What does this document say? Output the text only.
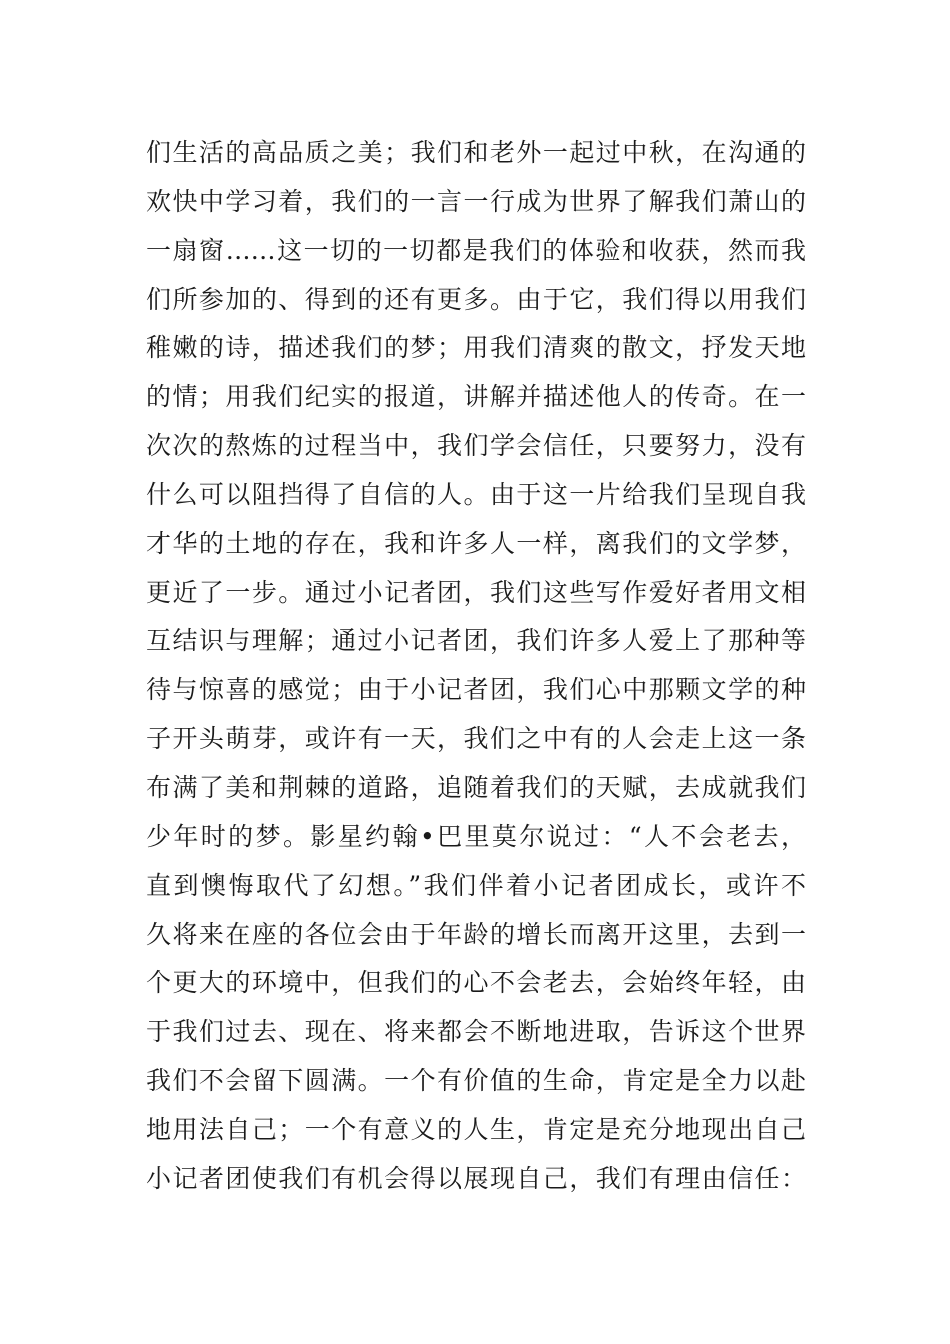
们生活的高品质之美；我们和老外一起过中秋，在沟通的
欢快中学习着，我们的一言一行成为世界了解我们萧山的
一扇窗……这一切的一切都是我们的体验和收获，然而我
们所参加的、得到的还有更多。由于它，我们得以用我们
稚嫩的诗，描述我们的梦；用我们清爽的散文，抒发天地
的情；用我们纪实的报道，讲解并描述他人的传奇。在一
次次的熬炼的过程当中，我们学会信任，只要努力，没有
什么可以阻挡得了自信的人。由于这一片给我们呈现自我
才华的土地的存在，我和许多人一样，离我们的文学梦，
更近了一步。通过小记者团，我们这些写作爱好者用文相
互结识与理解；通过小记者团，我们许多人爱上了那种等
待与惊喜的感觉；由于小记者团，我们心中那颗文学的种
子开头萌芽，或许有一天，我们之中有的人会走上这一条
布满了美和荆棘的道路，追随着我们的天赋，去成就我们
少年时的梦。影星约翰•巴里莫尔说过：“人不会老去，
直到懊悔取代了幻想。”我们伴着小记者团成长，或许不
久将来在座的各位会由于年龄的增长而离开这里，去到一
个更大的环境中，但我们的心不会老去，会始终年轻，由
于我们过去、现在、将来都会不断地进取，告诉这个世界
我们不会留下圆满。一个有价值的生命，肯定是全力以赴
地用法自己；一个有意义的人生，肯定是充分地现出自己
小记者团使我们有机会得以展现自己，我们有理由信任：
